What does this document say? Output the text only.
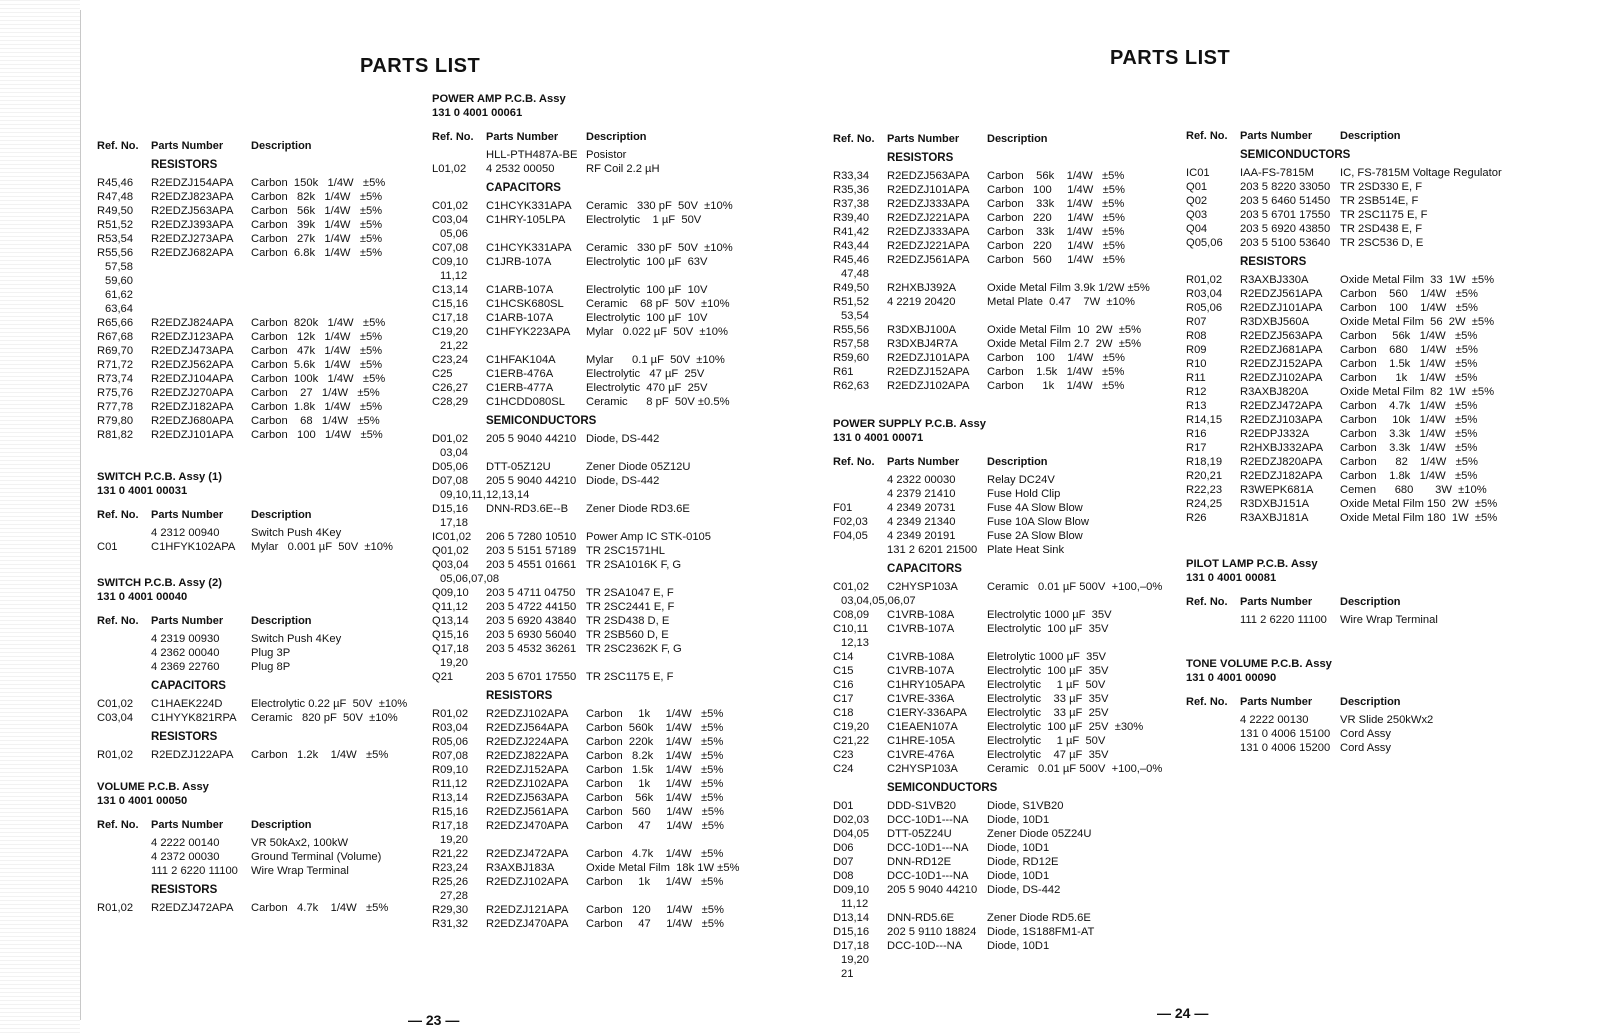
PARTS LIST	PARTS LIST
— 23 —	— 24 —
Ref. No.	Parts Number	Description
RESISTORS
R45,46	R2EDZJ154APA	Carbon  150k   1/4W   ±5%
R47,48	R2EDZJ823APA	Carbon   82k   1/4W   ±5%
R49,50	R2EDZJ563APA	Carbon   56k   1/4W   ±5%
R51,52	R2EDZJ393APA	Carbon   39k   1/4W   ±5%
R53,54	R2EDZJ273APA	Carbon   27k   1/4W   ±5%
R55,56	R2EDZJ682APA	Carbon  6.8k   1/4W   ±5%
57,58
59,60
61,62
63,64
R65,66	R2EDZJ824APA	Carbon  820k   1/4W   ±5%
R67,68	R2EDZJ123APA	Carbon   12k   1/4W   ±5%
R69,70	R2EDZJ473APA	Carbon   47k   1/4W   ±5%
R71,72	R2EDZJ562APA	Carbon  5.6k   1/4W   ±5%
R73,74	R2EDZJ104APA	Carbon  100k   1/4W   ±5%
R75,76	R2EDZJ270APA	Carbon    27   1/4W   ±5%
R77,78	R2EDZJ182APA	Carbon  1.8k   1/4W   ±5%
R79,80	R2EDZJ680APA	Carbon    68   1/4W   ±5%
R81,82	R2EDZJ101APA	Carbon   100   1/4W   ±5%
SWITCH P.C.B. Assy (1)
131 0 4001 00031
Ref. No.	Parts Number	Description
4 2312 00940	Switch Push 4Key
C01	C1HFYK102APA	Mylar   0.001 µF  50V  ±10%
SWITCH P.C.B. Assy (2)
131 0 4001 00040
Ref. No.	Parts Number	Description
4 2319 00930	Switch Push 4Key
4 2362 00040	Plug 3P
4 2369 22760	Plug 8P
CAPACITORS
C01,02	C1HAEK224D	Electrolytic 0.22 µF  50V  ±10%
C03,04	C1HYYK821RPA	Ceramic   820 pF  50V  ±10%
RESISTORS
R01,02	R2EDZJ122APA	Carbon   1.2k    1/4W   ±5%
VOLUME P.C.B. Assy
131 0 4001 00050
Ref. No.	Parts Number	Description
4 2222 00140	VR 50kAx2, 100kW
4 2372 00030	Ground Terminal (Volume)
111 2 6220 11100	Wire Wrap Terminal
RESISTORS
R01,02	R2EDZJ472APA	Carbon   4.7k    1/4W   ±5%
POWER AMP P.C.B. Assy
131 0 4001 00061
Ref. No.	Parts Number	Description
HLL-PTH487A-BE Posistor
L01,02	4 2532 00050	RF Coil 2.2 µH
CAPACITORS
C01,02	C1HCYK331APA	Ceramic   330 pF  50V  ±10%
C03,04	C1HRY-105LPA	Electrolytic    1 µF  50V
05,06
C07,08	C1HCYK331APA	Ceramic   330 pF  50V  ±10%
C09,10	C1JRB-107A	Electrolytic  100 µF  63V
11,12
C13,14	C1ARB-107A	Electrolytic  100 µF  10V
C15,16	C1HCSK680SL	Ceramic    68 pF  50V  ±10%
C17,18	C1ARB-107A	Electrolytic  100 µF  10V
C19,20	C1HFYK223APA	Mylar   0.022 µF  50V  ±10%
21,22
C23,24	C1HFAK104A	Mylar      0.1 µF  50V  ±10%
C25	C1ERB-476A	Electrolytic   47 µF  25V
C26,27	C1ERB-477A	Electrolytic  470 µF  25V
C28,29	C1HCDD080SL	Ceramic      8 pF  50V ±0.5%
SEMICONDUCTORS
D01,02	205 5 9040 44210 Diode, DS-442
03,04
D05,06	DTT-05Z12U	Zener Diode 05Z12U
D07,08	205 5 9040 44210 Diode, DS-442
09,10,11,12,13,14
D15,16	DNN-RD3.6E--B	Zener Diode RD3.6E
17,18
IC01,02	206 5 7280 10510 Power Amp IC STK-0105
Q01,02	203 5 5151 57189 TR 2SC1571HL
Q03,04	203 5 4551 01661 TR 2SA1016K F, G
05,06,07,08
Q09,10	203 5 4711 04750 TR 2SA1047 E, F
Q11,12	203 5 4722 44150 TR 2SC2441 E, F
Q13,14	203 5 6920 43840 TR 2SD438 D, E
Q15,16	203 5 6930 56040 TR 2SB560 D, E
Q17,18	203 5 4532 36261 TR 2SC2362K F, G
19,20
Q21	203 5 6701 17550 TR 2SC1175 E, F
RESISTORS
R01,02	R2EDZJ102APA	Carbon     1k     1/4W   ±5%
R03,04	R2EDZJ564APA	Carbon  560k    1/4W   ±5%
R05,06	R2EDZJ224APA	Carbon  220k    1/4W   ±5%
R07,08	R2EDZJ822APA	Carbon   8.2k    1/4W   ±5%
R09,10	R2EDZJ152APA	Carbon   1.5k    1/4W   ±5%
R11,12	R2EDZJ102APA	Carbon     1k     1/4W   ±5%
R13,14	R2EDZJ563APA	Carbon    56k    1/4W   ±5%
R15,16	R2EDZJ561APA	Carbon   560     1/4W   ±5%
R17,18	R2EDZJ470APA	Carbon     47     1/4W   ±5%
19,20
R21,22	R2EDZJ472APA	Carbon   4.7k    1/4W   ±5%
R23,24	R3AXBJ183A	Oxide Metal Film  18k 1W ±5%
R25,26	R2EDZJ102APA	Carbon     1k     1/4W   ±5%
27,28
R29,30	R2EDZJ121APA	Carbon   120     1/4W   ±5%
R31,32	R2EDZJ470APA	Carbon     47     1/4W   ±5%
Ref. No.	Parts Number	Description
RESISTORS
R33,34	R2EDZJ563APA	Carbon    56k    1/4W   ±5%
R35,36	R2EDZJ101APA	Carbon   100     1/4W   ±5%
R37,38	R2EDZJ333APA	Carbon    33k    1/4W   ±5%
R39,40	R2EDZJ221APA	Carbon   220     1/4W   ±5%
R41,42	R2EDZJ333APA	Carbon    33k    1/4W   ±5%
R43,44	R2EDZJ221APA	Carbon   220     1/4W   ±5%
R45,46	R2EDZJ561APA	Carbon   560     1/4W   ±5%
47,48
R49,50	R2HXBJ392A	Oxide Metal Film 3.9k 1/2W ±5%
R51,52	4 2219 20420	Metal Plate  0.47    7W  ±10%
53,54
R55,56	R3DXBJ100A	Oxide Metal Film  10  2W  ±5%
R57,58	R3DXBJ4R7A	Oxide Metal Film 2.7  2W  ±5%
R59,60	R2EDZJ101APA	Carbon    100    1/4W   ±5%
R61	R2EDZJ152APA	Carbon    1.5k   1/4W   ±5%
R62,63	R2EDZJ102APA	Carbon      1k    1/4W   ±5%
POWER SUPPLY P.C.B. Assy
131 0 4001 00071
Ref. No.	Parts Number	Description
4 2322 00030	Relay DC24V
4 2379 21410	Fuse Hold Clip
F01	4 2349 20731	Fuse 4A Slow Blow
F02,03	4 2349 21340	Fuse 10A Slow Blow
F04,05	4 2349 20191	Fuse 2A Slow Blow
131 2 6201 21500 Plate Heat Sink
CAPACITORS
C01,02	C2HYSP103A	Ceramic   0.01 µF 500V  +100,–0%
03,04,05,06,07
C08,09	C1VRB-108A	Electrolytic 1000 µF  35V
C10,11	C1VRB-107A	Electrolytic  100 µF  35V
12,13
C14	C1VRB-108A	Eletrolytic 1000 µF  35V
C15	C1VRB-107A	Electrolytic  100 µF  35V
C16	C1HRY105APA	Electrolytic     1 µF  50V
C17	C1VRE-336A	Electrolytic    33 µF  35V
C18	C1ERY-336APA	Electrolytic    33 µF  25V
C19,20	C1EAEN107A	Electrolytic  100 µF  25V  ±30%
C21,22	C1HRE-105A	Electrolytic     1 µF  50V
C23	C1VRE-476A	Electrolytic    47 µF  35V
C24	C2HYSP103A	Ceramic   0.01 µF 500V  +100,–0%
SEMICONDUCTORS
D01	DDD-S1VB20	Diode, S1VB20
D02,03	DCC-10D1---NA	Diode, 10D1
D04,05	DTT-05Z24U	Zener Diode 05Z24U
D06	DCC-10D1---NA	Diode, 10D1
D07	DNN-RD12E	Diode, RD12E
D08	DCC-10D1---NA	Diode, 10D1
D09,10	205 5 9040 44210 Diode, DS-442
11,12
D13,14	DNN-RD5.6E	Zener Diode RD5.6E
D15,16	202 5 9110 18824 Diode, 1S188FM1-AT
D17,18	DCC-10D---NA	Diode, 10D1
19,20
21
Ref. No.	Parts Number	Description
SEMICONDUCTORS
IC01	IAA-FS-7815M	IC, FS-7815M Voltage Regulator
Q01	203 5 8220 33050 TR 2SD330 E, F
Q02	203 5 6460 51450 TR 2SB514E, F
Q03	203 5 6701 17550 TR 2SC1175 E, F
Q04	203 5 6920 43850 TR 2SD438 E, F
Q05,06	203 5 5100 53640 TR 2SC536 D, E
RESISTORS
R01,02	R3AXBJ330A	Oxide Metal Film  33  1W  ±5%
R03,04	R2EDZJ561APA	Carbon    560    1/4W   ±5%
R05,06	R2EDZJ101APA	Carbon    100    1/4W   ±5%
R07	R3DXBJ560A	Oxide Metal Film  56  2W  ±5%
R08	R2EDZJ563APA	Carbon     56k   1/4W   ±5%
R09	R2EDZJ681APA	Carbon    680    1/4W   ±5%
R10	R2EDZJ152APA	Carbon    1.5k   1/4W   ±5%
R11	R2EDZJ102APA	Carbon      1k    1/4W   ±5%
R12	R3AXBJ820A	Oxide Metal Film  82  1W  ±5%
R13	R2EDZJ472APA	Carbon    4.7k   1/4W   ±5%
R14,15	R2EDZJ103APA	Carbon     10k   1/4W   ±5%
R16	R2EDPJ332A	Carbon    3.3k   1/4W   ±5%
R17	R2HXBJ332APA	Carbon    3.3k   1/4W   ±5%
R18,19	R2EDZJ820APA	Carbon      82    1/4W   ±5%
R20,21	R2EDZJ182APA	Carbon    1.8k   1/4W   ±5%
R22,23	R3WEPK681A	Cemen      680       3W  ±10%
R24,25	R3DXBJ151A	Oxide Metal Film 150  2W  ±5%
R26	R3AXBJ181A	Oxide Metal Film 180  1W  ±5%
PILOT LAMP P.C.B. Assy
131 0 4001 00081
Ref. No.	Parts Number	Description
111 2 6220 11100	Wire Wrap Terminal
TONE VOLUME P.C.B. Assy
131 0 4001 00090
Ref. No.	Parts Number	Description
4 2222 00130	VR Slide 250kWx2
131 0 4006 15100 Cord Assy
131 0 4006 15200 Cord Assy
